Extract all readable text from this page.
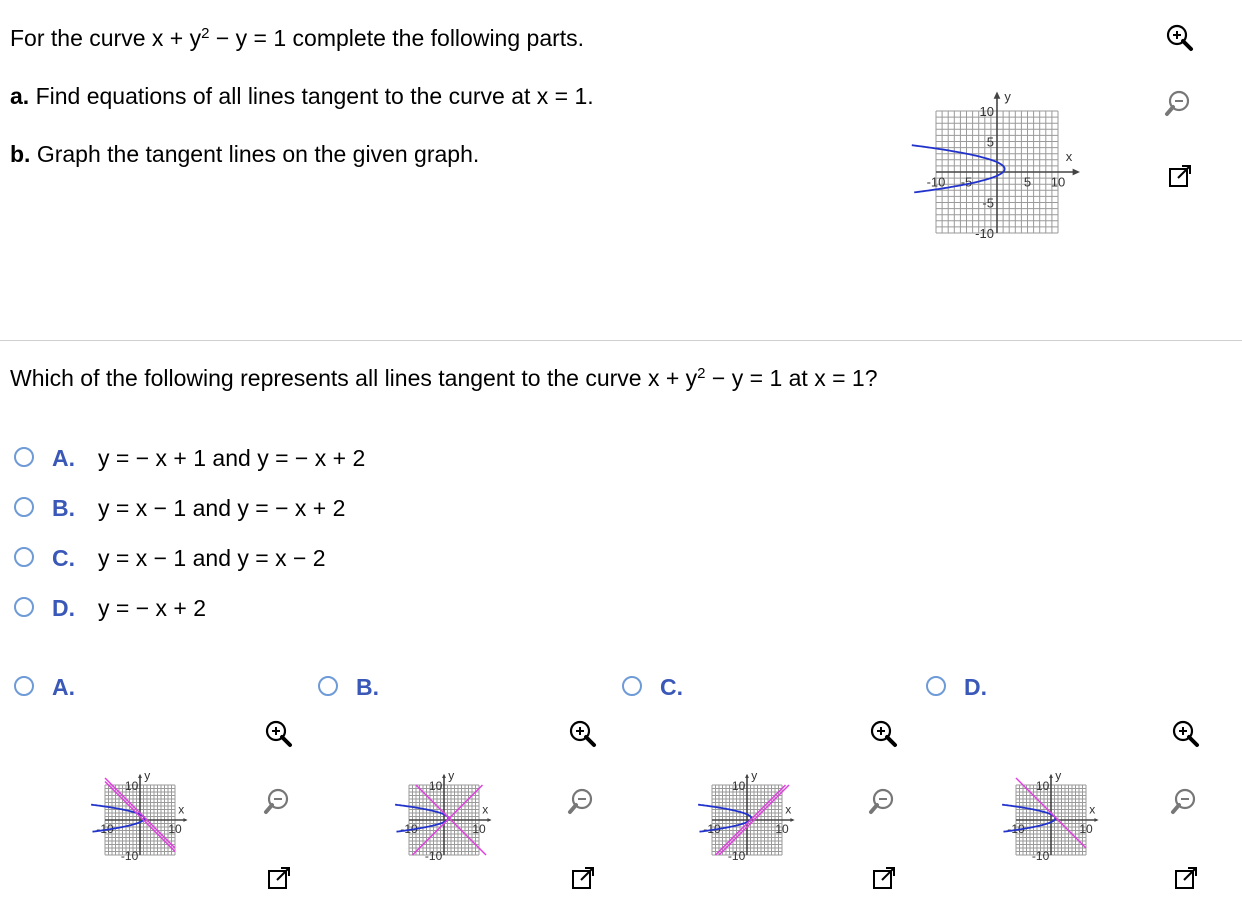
For the curve $x + y^2 - y = 1$ complete the following parts.
a. Find equations of all lines tangent to the curve at x = 1.
b. Graph the tangent lines on the given graph.
y
x
10
-10
-10	10
5
-5
-5	5
Which of the following represents all lines tangent to the curve $x + y^2 - y = 1$ at x = 1?
A. y = − x + 1 and y = − x + 2
B. y = x − 1 and y = − x + 2
C. y = x − 1 and y = x − 2
D. y = − x + 2
A.
y
x
10
-10
-10	10
B.
y
x
10
-10
-10	10
C.
y
x
10
-10
-10	10
D.
y
x
10
-10
-10	10
